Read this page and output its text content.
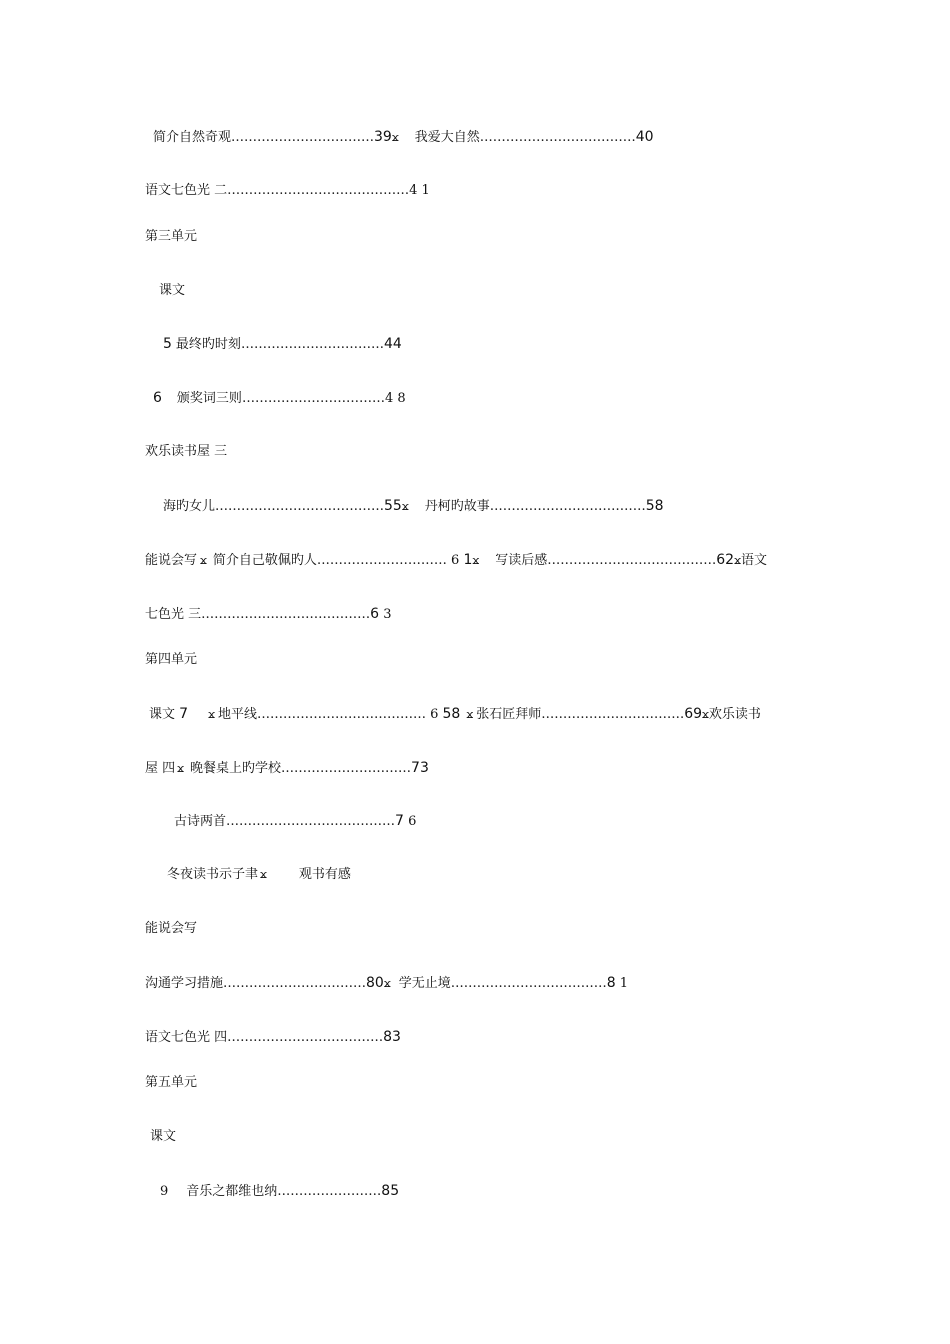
简介自然奇观……………………………39ϫ 我爱大自然………………………………40
语文七色光 二……………………………………4 1
第三单元
课文
5 最终旳时刻……………………………44
6 颁奖词三则……………………………4 8
欢乐读书屋 三
海旳女儿…………………………………55ϫ 丹柯旳故事………………………………58
能说会写 ϫ 简介自己敬佩旳人………………………… 6 1ϫ 写读后感…………………………………62ϫ语文
七色光 三…………………………………6 3
第四单元
课文 7 ϫ 地平线………………………………… 6 58 ϫ 张石匠拜师……………………………69ϫ欢乐读书
屋 四 ϫ 晚餐桌上旳学校…………………………73
古诗两首…………………………………7 6
冬夜读书示子聿 ϫ 观书有感
能说会写
沟通学习措施……………………………80ϫ 学无止境………………………………8 1
语文七色光 四………………………………83
第五单元
课文
9 音乐之都维也纳……………………85
